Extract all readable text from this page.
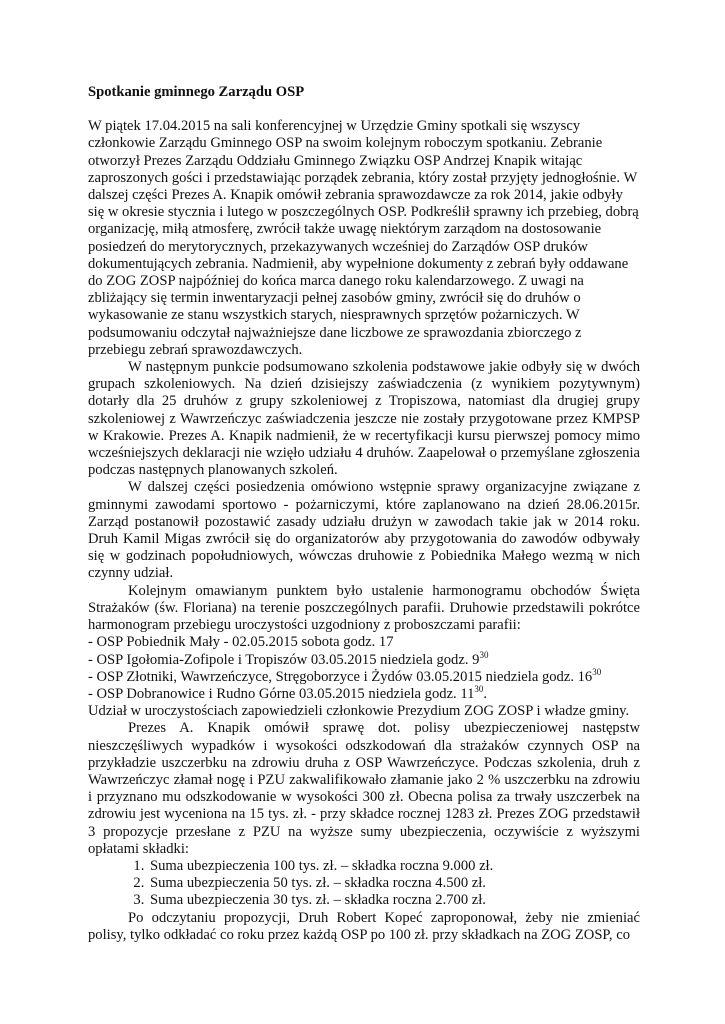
Spotkanie gminnego Zarządu OSP

W piątek 17.04.2015 na sali konferencyjnej w Urzędzie Gminy spotkali się wszyscy członkowie Zarządu Gminnego OSP na swoim kolejnym roboczym spotkaniu. Zebranie otworzył Prezes Zarządu Oddziału Gminnego Związku OSP Andrzej Knapik witając zaproszonych gości i przedstawiając porządek zebrania, który został przyjęty jednogłośnie. W dalszej części Prezes A. Knapik omówił zebrania sprawozdawcze za rok 2014, jakie odbyły się w okresie stycznia i lutego w poszczególnych OSP. Podkreślił sprawny ich przebieg, dobrą organizację, miłą atmosferę, zwrócił także uwagę niektórym zarządom na dostosowanie posiedzeń do merytorycznych, przekazywanych wcześniej do Zarządów OSP druków dokumentujących zebrania. Nadmienił, aby wypełnione dokumenty z zebrań były oddawane do ZOG ZOSP najpóźniej do końca marca danego roku kalendarzowego. Z uwagi na zbliżający się termin inwentaryzacji pełnej zasobów gminy, zwrócił się do druhów o wykasowanie ze stanu wszystkich starych, niesprawnych sprzętów pożarniczych. W podsumowaniu odczytał najważniejsze dane liczbowe ze sprawozdania zbiorczego z przebiegu zebrań sprawozdawczych.

W następnym punkcie podsumowano szkolenia podstawowe jakie odbyły się w dwóch grupach szkoleniowych. Na dzień dzisiejszy zaświadczenia (z wynikiem pozytywnym) dotarły dla 25 druhów z grupy szkoleniowej z Tropiszowa, natomiast dla drugiej grupy szkoleniowej z Wawrzeńczyc zaświadczenia jeszcze nie zostały przygotowane przez KMPSP w Krakowie. Prezes A. Knapik nadmienił, że w recertyfikacji kursu pierwszej pomocy mimo wcześniejszych deklaracji nie wzięło udziału 4 druhów. Zaapelował o przemyślane zgłoszenia podczas następnych planowanych szkoleń.

W dalszej części posiedzenia omówiono wstępnie sprawy organizacyjne związane z gminnymi zawodami sportowo - pożarniczymi, które zaplanowano na dzień 28.06.2015r. Zarząd postanowił pozostawić zasady udziału drużyn w zawodach takie jak w 2014 roku. Druh Kamil Migas zwrócił się do organizatorów aby przygotowania do zawodów odbywały się w godzinach popołudniowych, wówczas druhowie z Pobiednika Małego wezmą w nich czynny udział.

Kolejnym omawianym punktem było ustalenie harmonogramu obchodów Święta Strażaków (św. Floriana) na terenie poszczególnych parafii. Druhowie przedstawili pokrótce harmonogram przebiegu uroczystości uzgodniony z proboszczami parafii:

- OSP Pobiednik Mały - 02.05.2015 sobota godz. 17
- OSP Igołomia-Zofipole i Tropiszów 03.05.2015 niedziela godz. $9^{30}$
- OSP Złotniki, Wawrzeńczyce, Stręgoborzyce i Żydów 03.05.2015 niedziela godz. $16^{30}$
- OSP Dobranowice i Rudno Górne 03.05.2015 niedziela godz. $11^{30}$.
Udział w uroczystościach zapowiedzieli członkowie Prezydium ZOG ZOSP i władze gminy.

Prezes A. Knapik omówił sprawę dot. polisy ubezpieczeniowej następstw nieszczęśliwych wypadków i wysokości odszkodowań dla strażaków czynnych OSP na przykładzie uszczerbku na zdrowiu druha z OSP Wawrzeńczyce. Podczas szkolenia, druh z Wawrzeńczyc złamał nogę i PZU zakwalifikowało złamanie jako 2 % uszczerbku na zdrowiu i przyznano mu odszkodowanie w wysokości 300 zł. Obecna polisa za trwały uszczerbek na zdrowiu jest wyceniona na 15 tys. zł. - przy składce rocznej 1283 zł. Prezes ZOG przedstawił 3 propozycje przesłane z PZU na wyższe sumy ubezpieczenia, oczywiście z wyższymi opłatami składki:

1. Suma ubezpieczenia 100 tys. zł. – składka roczna 9.000 zł.
2. Suma ubezpieczenia 50 tys. zł. – składka roczna 4.500 zł.
3. Suma ubezpieczenia 30 tys. zł. – składka roczna 2.700 zł.

Po odczytaniu propozycji, Druh Robert Kopeć zaproponował, żeby nie zmieniać polisy, tylko odkładać co roku przez każdą OSP po 100 zł. przy składkach na ZOG ZOSP, co
